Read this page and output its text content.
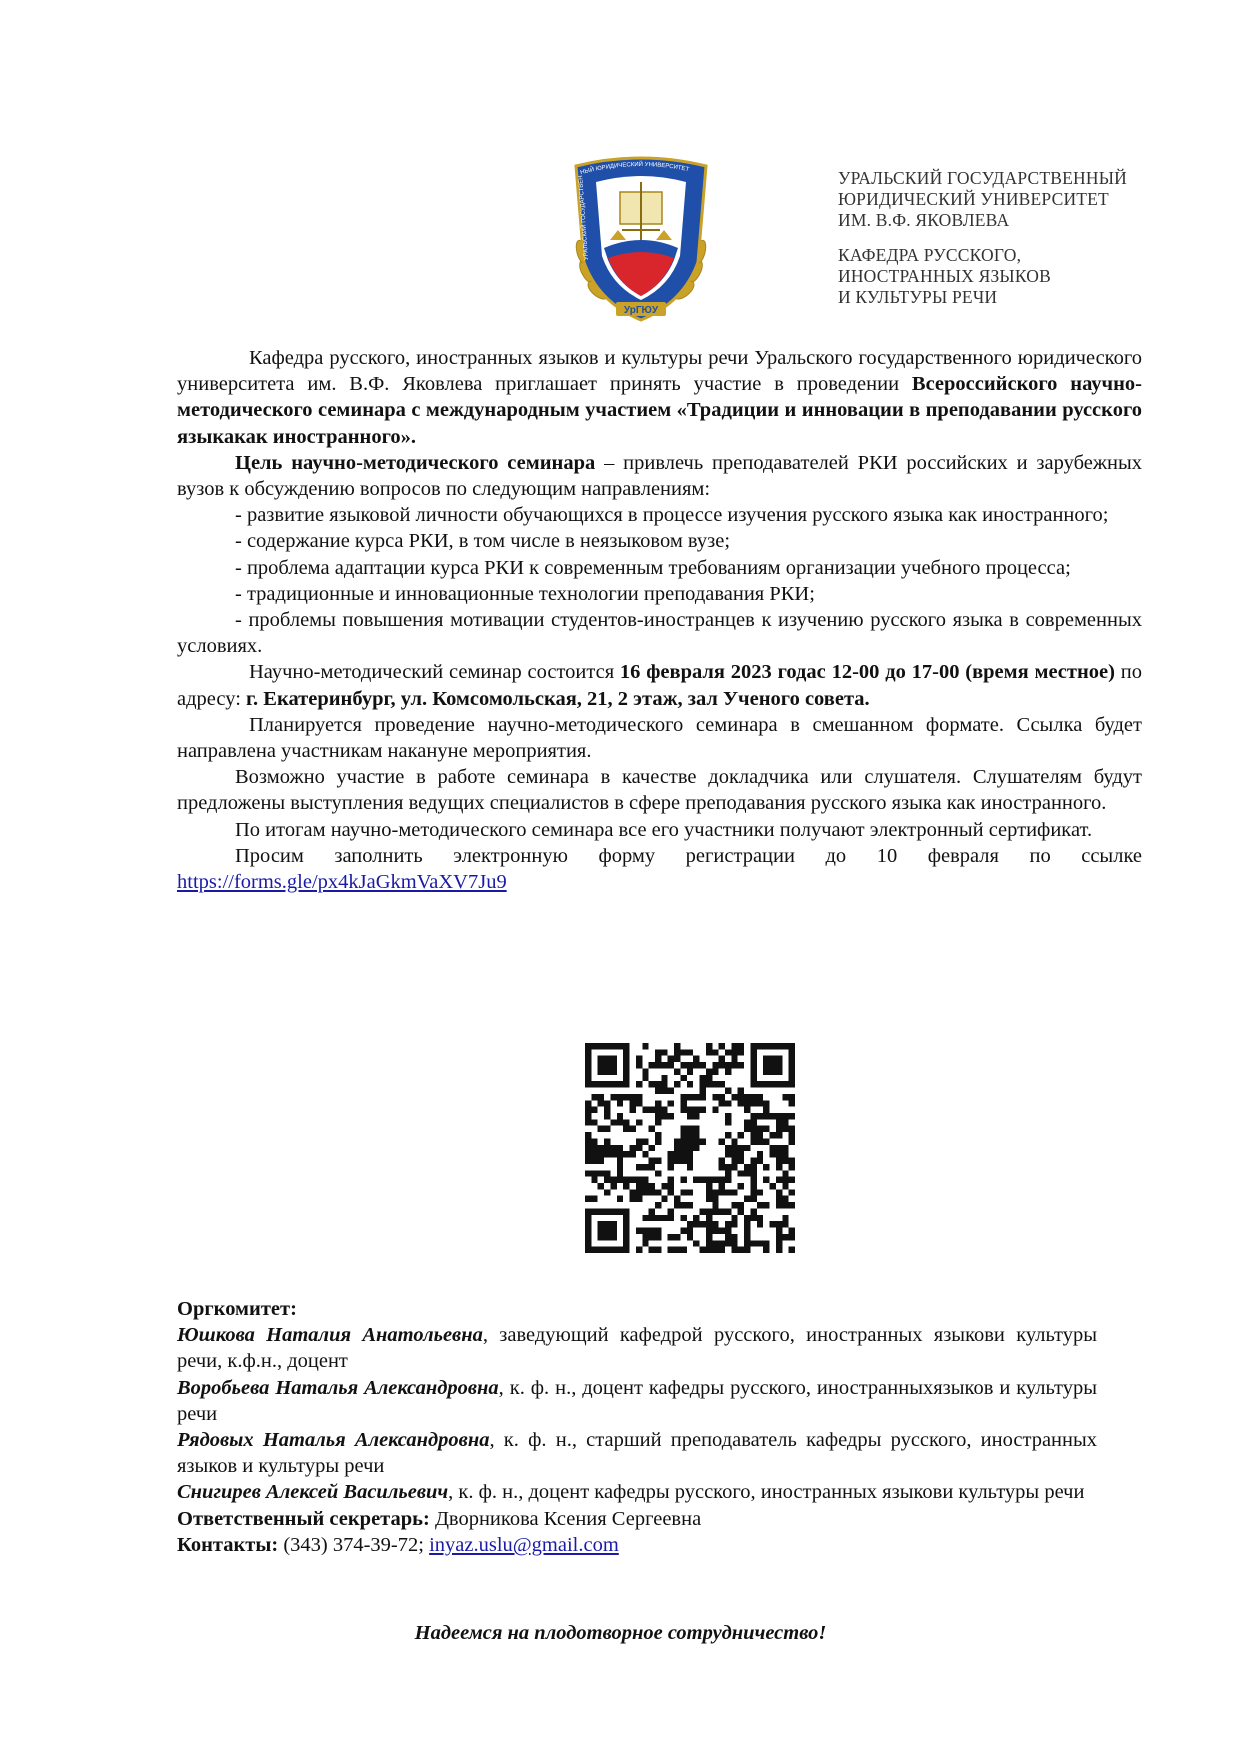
УрГЮУ
УРАЛЬСКИЙ ГОСУДАРСТВЕННЫЙ ЮРИДИЧЕСКИЙ УНИВЕРСИТЕТ	УРАЛЬСКИЙ ГОСУДАРСТВЕННЫЙ
ЮРИДИЧЕСКИЙ УНИВЕРСИТЕТ
ИМ. В.Ф. ЯКОВЛЕВА
КАФЕДРА РУССКОГО,
ИНОСТРАННЫХ ЯЗЫКОВ
И КУЛЬТУРЫ РЕЧИ

Кафедра русского, иностранных языков и культуры речи Уральского государственного юридического университета им. В.Ф. Яковлева приглашает принять участие в проведении Всероссийского научно-методического семинара с международным участием «Традиции и инновации в преподавании русского языкакак иностранного».

Цель научно-методического семинара – привлечь преподавателей РКИ российских и зарубежных вузов к обсуждению вопросов по следующим направлениям:

- развитие языковой личности обучающихся в процессе изучения русского языка как иностранного;

- содержание курса РКИ, в том числе в неязыковом вузе;

- проблема адаптации курса РКИ к современным требованиям организации учебного процесса;

- традиционные и инновационные технологии преподавания РКИ;

- проблемы повышения мотивации студентов-иностранцев к изучению русского языка в современных условиях.

Научно-методический семинар состоится 16 февраля 2023 годас 12-00 до 17-00 (время местное) по адресу: г. Екатеринбург, ул. Комсомольская, 21, 2 этаж, зал Ученого совета.

Планируется проведение научно-методического семинара в смешанном формате. Ссылка будет направлена участникам накануне мероприятия.

Возможно участие в работе семинара в качестве докладчика или слушателя. Слушателям будут предложены выступления ведущих специалистов в сфере преподавания русского языка как иностранного.

По итогам научно-методического семинара все его участники получают электронный сертификат.

Просим заполнить электронную форму регистрации до 10 февраля по ссылке https://forms.gle/px4kJaGkmVaXV7Ju9

Оргкомитет:

Юшкова Наталия Анатольевна, заведующий кафедрой русского, иностранных языкови культуры речи, к.ф.н., доцент

Воробьева Наталья Александровна, к. ф. н., доцент кафедры русского, иностранныхязыков и культуры речи

Рядовых Наталья Александровна, к. ф. н., старший преподаватель кафедры русского, иностранных языков и культуры речи

Снигирев Алексей Васильевич, к. ф. н., доцент кафедры русского, иностранных языкови культуры речи

Ответственный секретарь: Дворникова Ксения Сергеевна

Контакты: (343) 374-39-72; inyaz.uslu@gmail.com

Надеемся на плодотворное сотрудничество!
